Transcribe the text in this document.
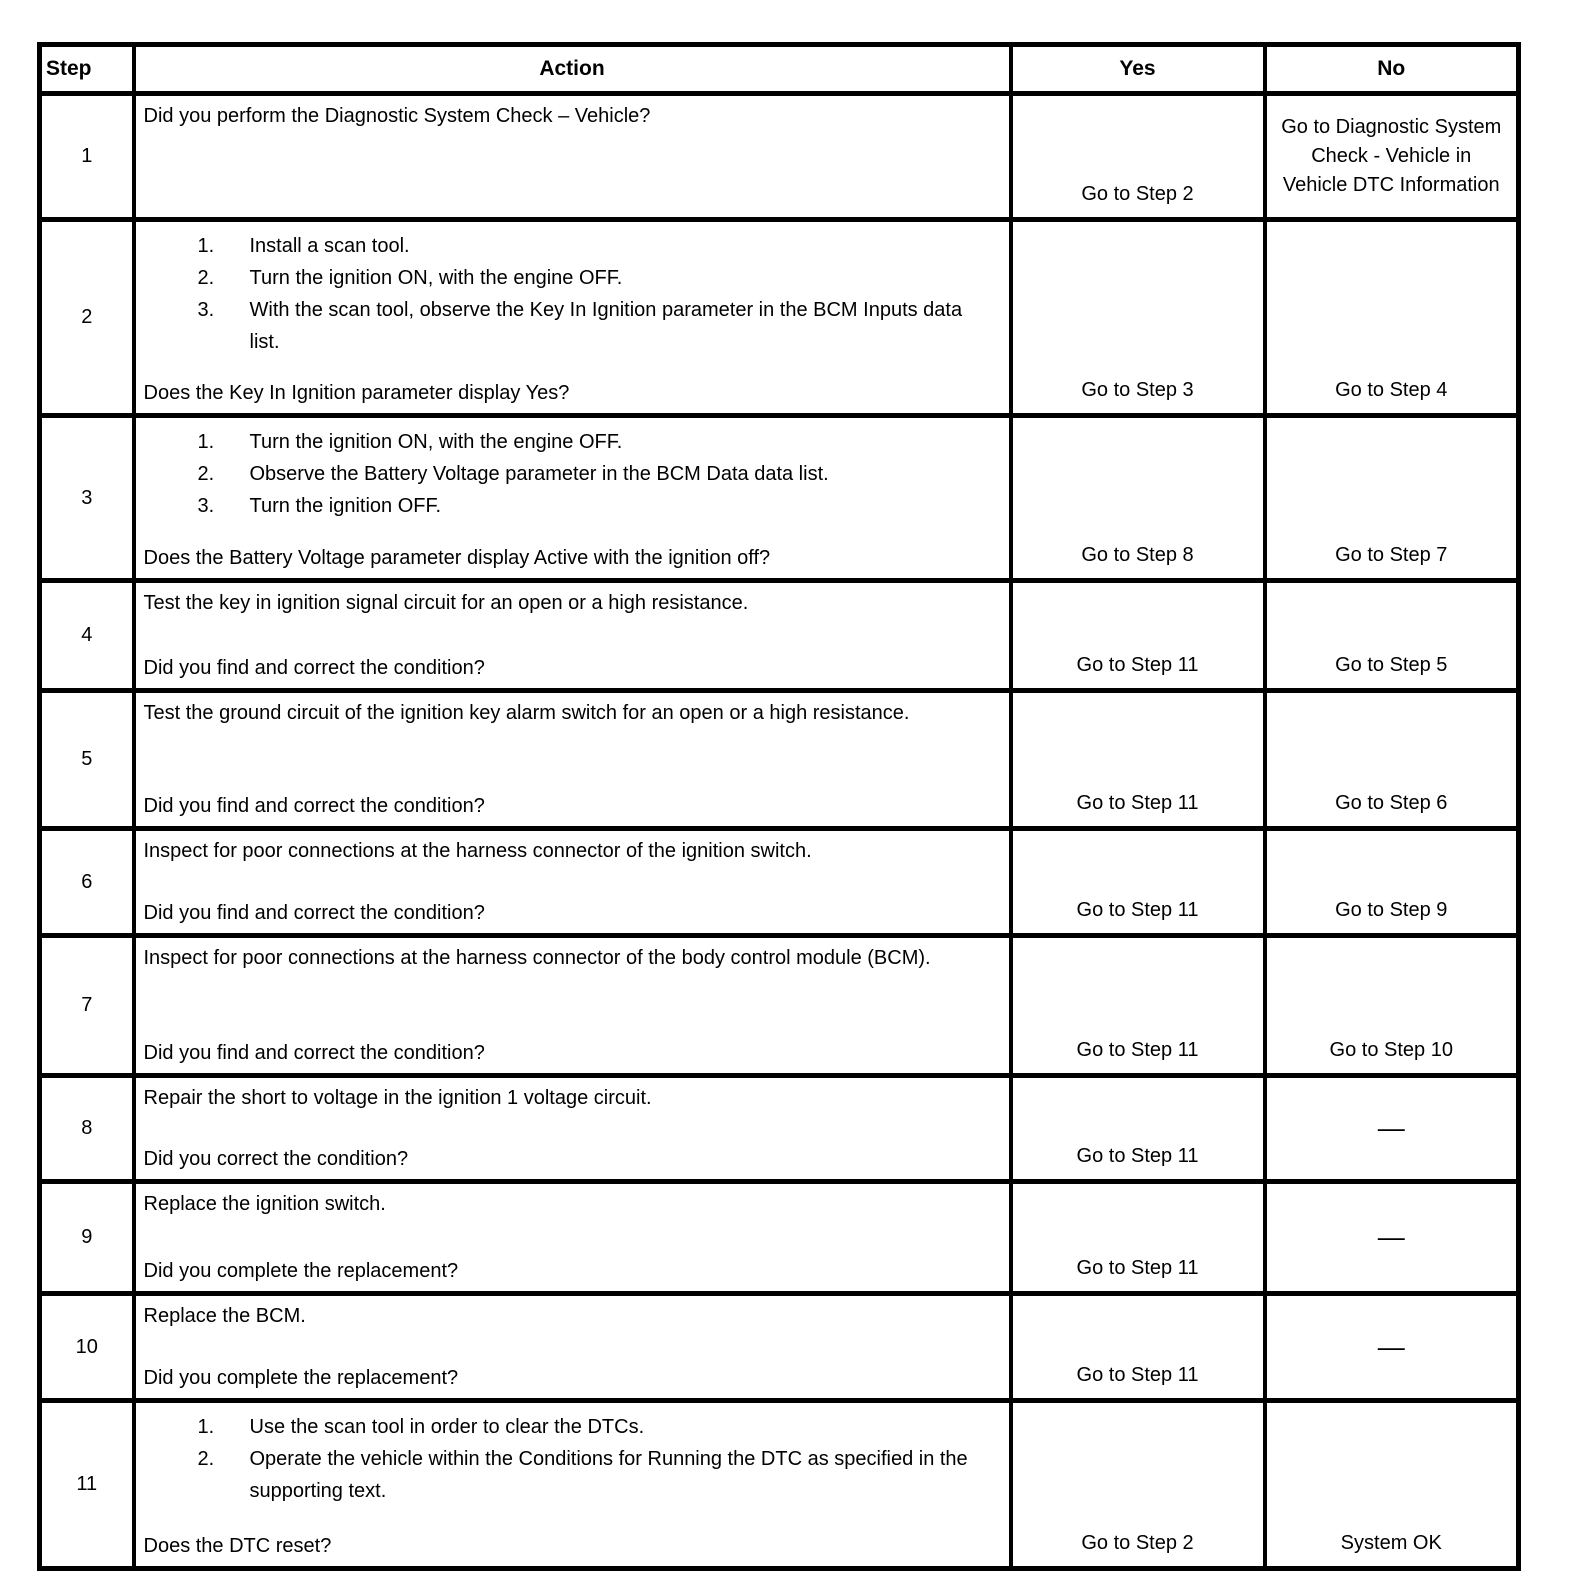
Step	Action	Yes	No

1	Did you perform the Diagnostic System Check – Vehicle?	Go to Step 2	Go to Diagnostic System Check - Vehicle in Vehicle DTC Information

2

1.	Install a scan tool.
2.	Turn the ignition ON, with the engine OFF.
3.	With the scan tool, observe the Key In Ignition parameter in the BCM Inputs data list.
Does the Key In Ignition parameter display Yes?	Go to Step 3	Go to Step 4

3

1.	Turn the ignition ON, with the engine OFF.
2.	Observe the Battery Voltage parameter in the BCM Data data list.
3.	Turn the ignition OFF.
Does the Battery Voltage parameter display Active with the ignition off?	Go to Step 8	Go to Step 7

4	Test the key in ignition signal circuit for an open or a high resistance.
Did you find and correct the condition?	Go to Step 11	Go to Step 5

5	Test the ground circuit of the ignition key alarm switch for an open or a high resistance.
Did you find and correct the condition?	Go to Step 11	Go to Step 6

6	Inspect for poor connections at the harness connector of the ignition switch.
Did you find and correct the condition?	Go to Step 11	Go to Step 9

7	Inspect for poor connections at the harness connector of the body control module (BCM).
Did you find and correct the condition?	Go to Step 11	Go to Step 10

8	Repair the short to voltage in the ignition 1 voltage circuit.
Did you correct the condition?	Go to Step 11	—

9	Replace the ignition switch.
Did you complete the replacement?	Go to Step 11	—

10	Replace the BCM.
Did you complete the replacement?	Go to Step 11	—

11	1. Use the scan tool in order to clear the DTCs.
2. Operate the vehicle within the Conditions for Running the DTC as specified in the supporting text.
Does the DTC reset?	Go to Step 2	System OK
